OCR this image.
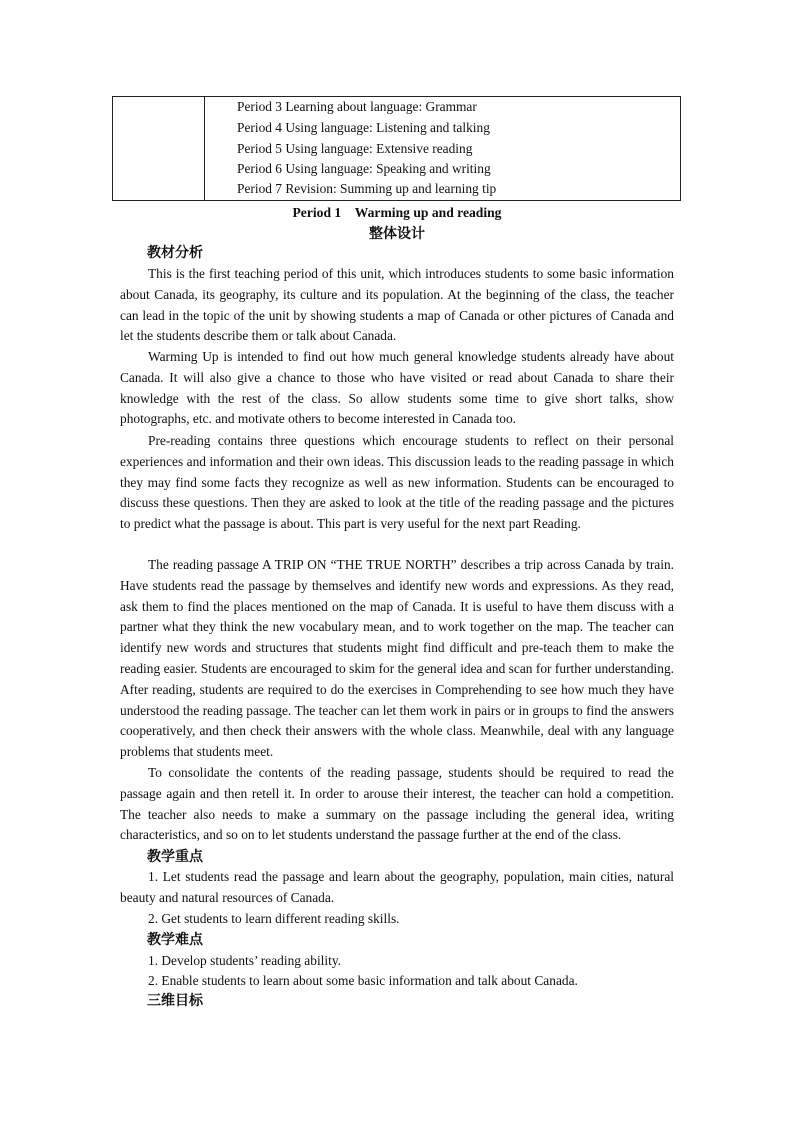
Period 3 Learning about language: Grammar
Period 4 Using language: Listening and talking
Period 5 Using language: Extensive reading
Period 6 Using language: Speaking and writing
Period 7 Revision: Summing up and learning tip
Period 1    Warming up and reading
整体设计
教材分析
This is the first teaching period of this unit, which introduces students to some basic information about Canada, its geography, its culture and its population. At the beginning of the class, the teacher can lead in the topic of the unit by showing students a map of Canada or other pictures of Canada and let the students describe them or talk about Canada.
Warming Up is intended to find out how much general knowledge students already have about Canada. It will also give a chance to those who have visited or read about Canada to share their knowledge with the rest of the class. So allow students some time to give short talks, show photographs, etc. and motivate others to become interested in Canada too.
Pre-reading contains three questions which encourage students to reflect on their personal experiences and information and their own ideas. This discussion leads to the reading passage in which they may find some facts they recognize as well as new information. Students can be encouraged to discuss these questions. Then they are asked to look at the title of the reading passage and the pictures to predict what the passage is about. This part is very useful for the next part Reading.
The reading passage A TRIP ON “THE TRUE NORTH” describes a trip across Canada by train. Have students read the passage by themselves and identify new words and expressions. As they read, ask them to find the places mentioned on the map of Canada. It is useful to have them discuss with a partner what they think the new vocabulary mean, and to work together on the map. The teacher can identify new words and structures that students might find difficult and pre-teach them to make the reading easier. Students are encouraged to skim for the general idea and scan for further understanding. After reading, students are required to do the exercises in Comprehending to see how much they have understood the reading passage. The teacher can let them work in pairs or in groups to find the answers cooperatively, and then check their answers with the whole class. Meanwhile, deal with any language problems that students meet.
To consolidate the contents of the reading passage, students should be required to read the passage again and then retell it. In order to arouse their interest, the teacher can hold a competition. The teacher also needs to make a summary on the passage including the general idea, writing characteristics, and so on to let students understand the passage further at the end of the class.
教学重点
1. Let students read the passage and learn about the geography, population, main cities, natural beauty and natural resources of Canada.
2. Get students to learn different reading skills.
教学难点
1. Develop students’ reading ability.
2. Enable students to learn about some basic information and talk about Canada.
三维目标
